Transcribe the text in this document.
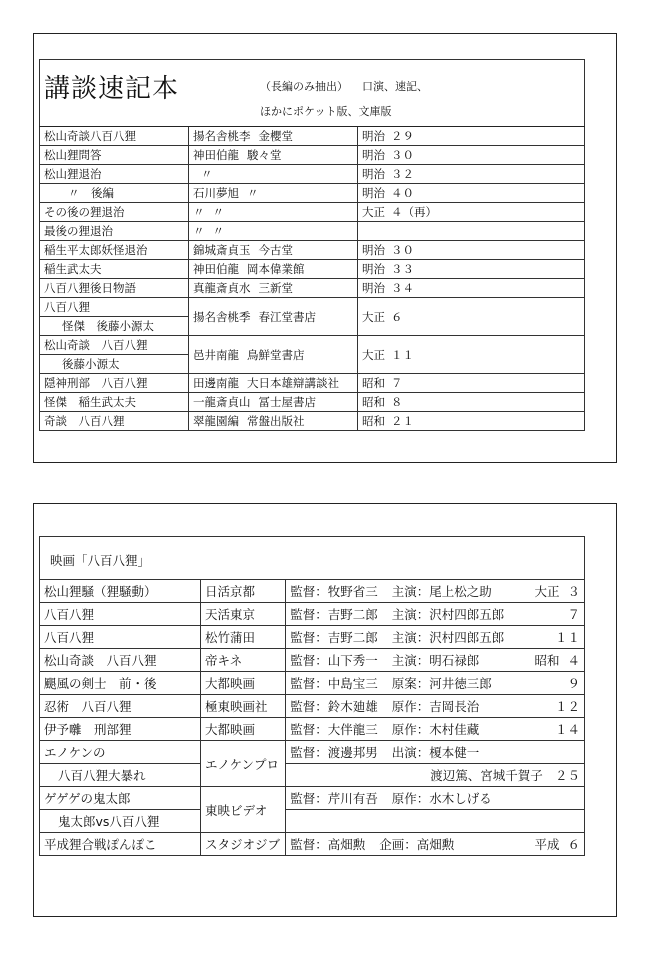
松山奇談八百八狸	揚名舎桃李 金櫻堂	明治 ２９
松山狸問答	神田伯龍 駿々堂	明治 ３０
松山狸退治	〃	明治 ３２
〃　後編	石川夢旭 〃	明治 ４０
その後の狸退治	〃 〃	大正 ４（再）
最後の狸退治	〃 〃	
稲生平太郎妖怪退治	錦城斎貞玉 今古堂	明治 ３０
稲生武太夫	神田伯龍 岡本偉業館	明治 ３３
八百八狸後日物語	真龍斎貞水 三新堂	明治 ３４
八百八狸	揚名舎桃季 春江堂書店	大正 ６
怪傑　後藤小源太		
松山奇談　八百八狸	邑井南龍 鳥鮮堂書店	大正 １１
後藤小源太		
隠神刑部　八百八狸	田邊南龍 大日本雄辯講談社	昭和 ７
怪傑　稲生武太夫	一龍斎貞山 冨士屋書店	昭和 ８
奇談　八百八狸	翠龍園編 常盤出版社	昭和 ２１
講談速記本	（長編のみ抽出） 口演、速記、
ほかにポケット版、文庫版
映画「八百八狸」		
松山狸騒（狸騒動）	日活京都	監督：牧野省三 主演：尾上松之助 大正 ３

八百八狸	天活東京	監督：吉野二郎 主演：沢村四郎五郎 ７

八百八狸	松竹蒲田	監督：吉野二郎 主演：沢村四郎五郎 １１

松山奇談　八百八狸	帝キネ	監督：山下秀一 主演：明石禄郎 昭和 ４

颶風の剣士　前・後	大都映画	監督：中島宝三 原案：河井徳三郎 ９

忍術　八百八狸	極東映画社	監督：鈴木廸雄 原作：吉岡長治 １２

伊予囃　刑部狸	大都映画	監督：大伴龍三 原作：木村佳藏 １４

エノケンの	エノケンプロ	監督：渡邊邦男 出演：榎本健一
八百八狸大暴れ		渡辺篤、宮城千賀子 ２５

ゲゲゲの鬼太郎	東映ビデオ	監督：芹川有吾 原作：水木しげる

鬼太郎vs八百八狸		
平成狸合戦ぽんぽこ	スタジオジブ	監督：高畑勲 企画：高畑勲 平成 ６
